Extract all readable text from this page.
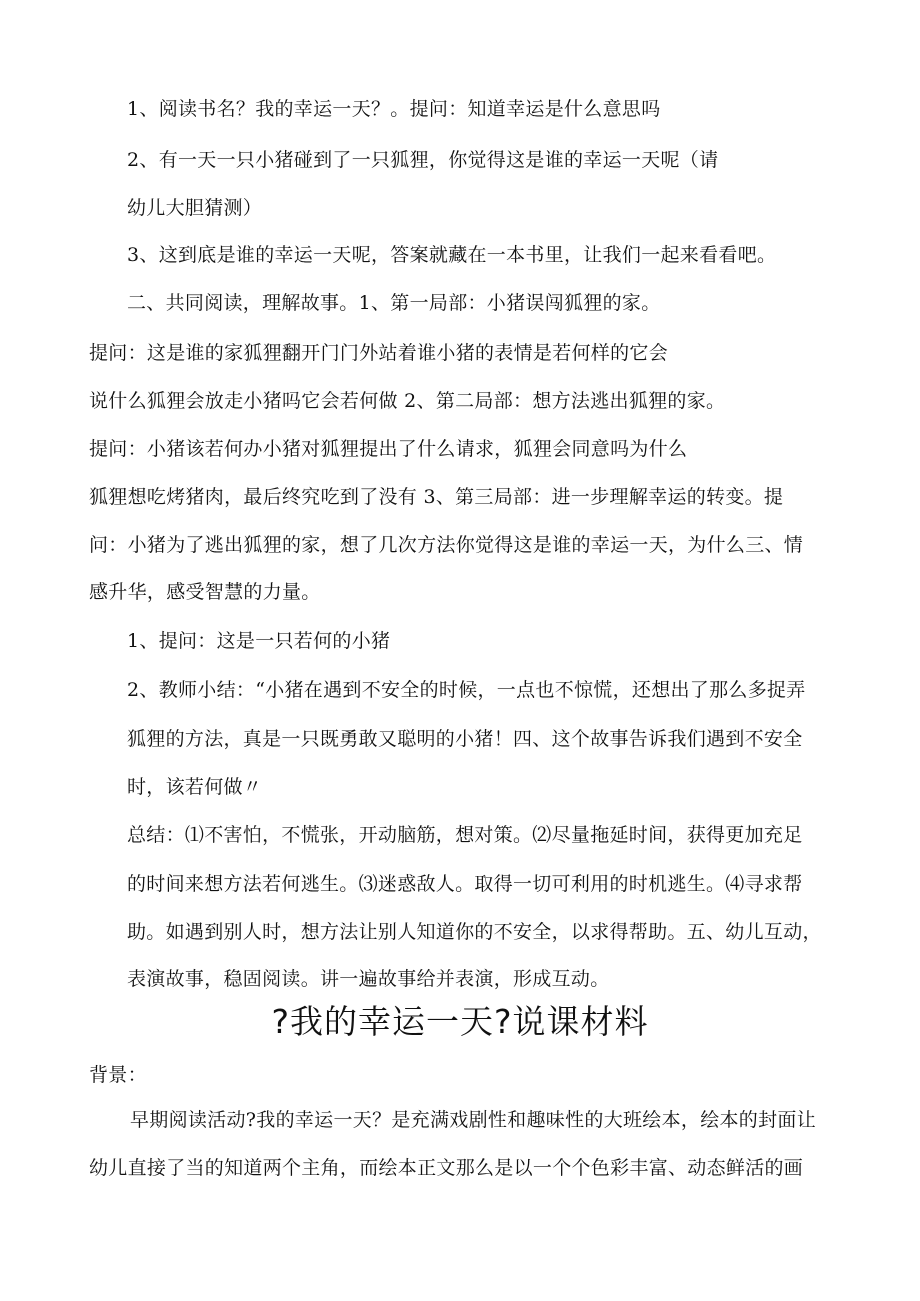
1、阅读书名？我的幸运一天？。提问：知道幸运是什么意思吗
2、有一天一只小猪碰到了一只狐狸，你觉得这是谁的幸运一天呢（请
幼儿大胆猜测）
3、这到底是谁的幸运一天呢，答案就藏在一本书里，让我们一起来看看吧。
二、共同阅读，理解故事。1、第一局部：小猪误闯狐狸的家。
提问：这是谁的家狐狸翻开门门外站着谁小猪的表情是若何样的它会
说什么狐狸会放走小猪吗它会若何做 2、第二局部：想方法逃出狐狸的家。
提问：小猪该若何办小猪对狐狸提出了什么请求，狐狸会同意吗为什么
狐狸想吃烤猪肉，最后终究吃到了没有 3、第三局部：进一步理解幸运的转变。提
问：小猪为了逃出狐狸的家，想了几次方法你觉得这是谁的幸运一天，为什么三、情
感升华，感受智慧的力量。
1、提问：这是一只若何的小猪
2、教师小结：“小猪在遇到不安全的时候，一点也不惊慌，还想出了那么多捉弄
狐狸的方法，真是一只既勇敢又聪明的小猪！四、这个故事告诉我们遇到不安全
时，该若何做〃
总结：⑴不害怕，不慌张，开动脑筋，想对策。⑵尽量拖延时间，获得更加充足
的时间来想方法若何逃生。⑶迷惑敌人。取得一切可利用的时机逃生。⑷寻求帮
助。如遇到别人时，想方法让别人知道你的不安全，以求得帮助。五、幼儿互动，
表演故事，稳固阅读。讲一遍故事给并表演，形成互动。
?我的幸运一天?说课材料
背景：
早期阅读活动?我的幸运一天？是充满戏剧性和趣味性的大班绘本，绘本的封面让
幼儿直接了当的知道两个主角，而绘本正文那么是以一个个色彩丰富、动态鲜活的画
